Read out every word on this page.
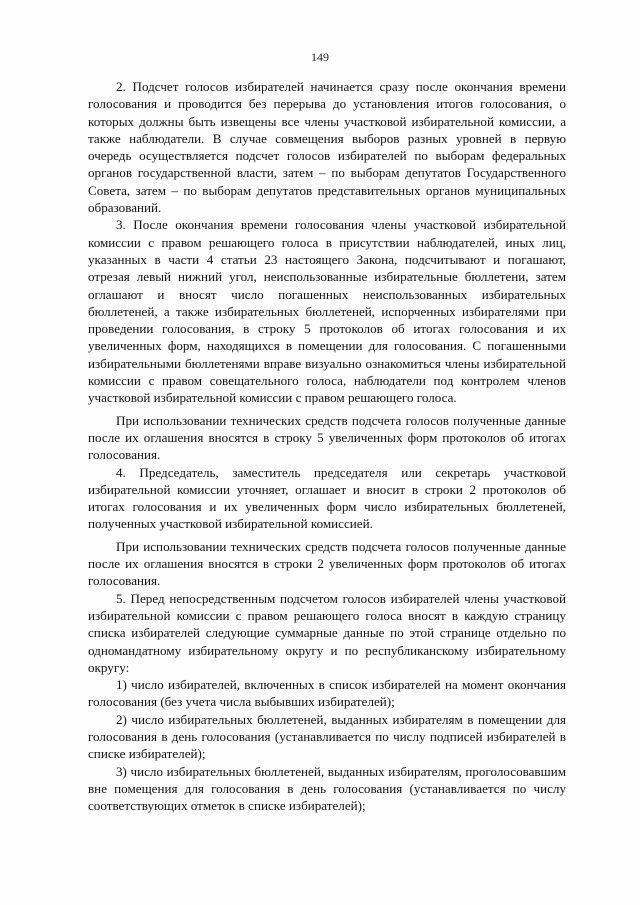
149

2. Подсчет голосов избирателей начинается сразу после окончания времени голосования и проводится без перерыва до установления итогов голосования, о которых должны быть извещены все члены участковой избирательной комиссии, а также наблюдатели. В случае совмещения выборов разных уровней в первую очередь осуществляется подсчет голосов избирателей по выборам федеральных органов государственной власти, затем – по выборам депутатов Государственного Совета, затем – по выборам депутатов представительных органов муниципальных образований.

3. После окончания времени голосования члены участковой избирательной комиссии с правом решающего голоса в присутствии наблюдателей, иных лиц, указанных в части 4 статьи 23 настоящего Закона, подсчитывают и погашают, отрезая левый нижний угол, неиспользованные избирательные бюллетени, затем оглашают и вносят число погашенных неиспользованных избирательных бюллетеней, а также избирательных бюллетеней, испорченных избирателями при проведении голосования, в строку 5 протоколов об итогах голосования и их увеличенных форм, находящихся в помещении для голосования. С погашенными избирательными бюллетенями вправе визуально ознакомиться члены избирательной комиссии с правом совещательного голоса, наблюдатели под контролем членов участковой избирательной комиссии с правом решающего голоса.

При использовании технических средств подсчета голосов полученные данные после их оглашения вносятся в строку 5 увеличенных форм протоколов об итогах голосования.

4. Председатель, заместитель председателя или секретарь участковой избирательной комиссии уточняет, оглашает и вносит в строки 2 протоколов об итогах голосования и их увеличенных форм число избирательных бюллетеней, полученных участковой избирательной комиссией.

При использовании технических средств подсчета голосов полученные данные после их оглашения вносятся в строки 2 увеличенных форм протоколов об итогах голосования.

5. Перед непосредственным подсчетом голосов избирателей члены участковой избирательной комиссии с правом решающего голоса вносят в каждую страницу списка избирателей следующие суммарные данные по этой странице отдельно по одномандатному избирательному округу и по республиканскому избирательному округу:

1) число избирателей, включенных в список избирателей на момент окончания голосования (без учета числа выбывших избирателей);

2) число избирательных бюллетеней, выданных избирателям в помещении для голосования в день голосования (устанавливается по числу подписей избирателей в списке избирателей);

3) число избирательных бюллетеней, выданных избирателям, проголосовавшим вне помещения для голосования в день голосования (устанавливается по числу соответствующих отметок в списке избирателей);
